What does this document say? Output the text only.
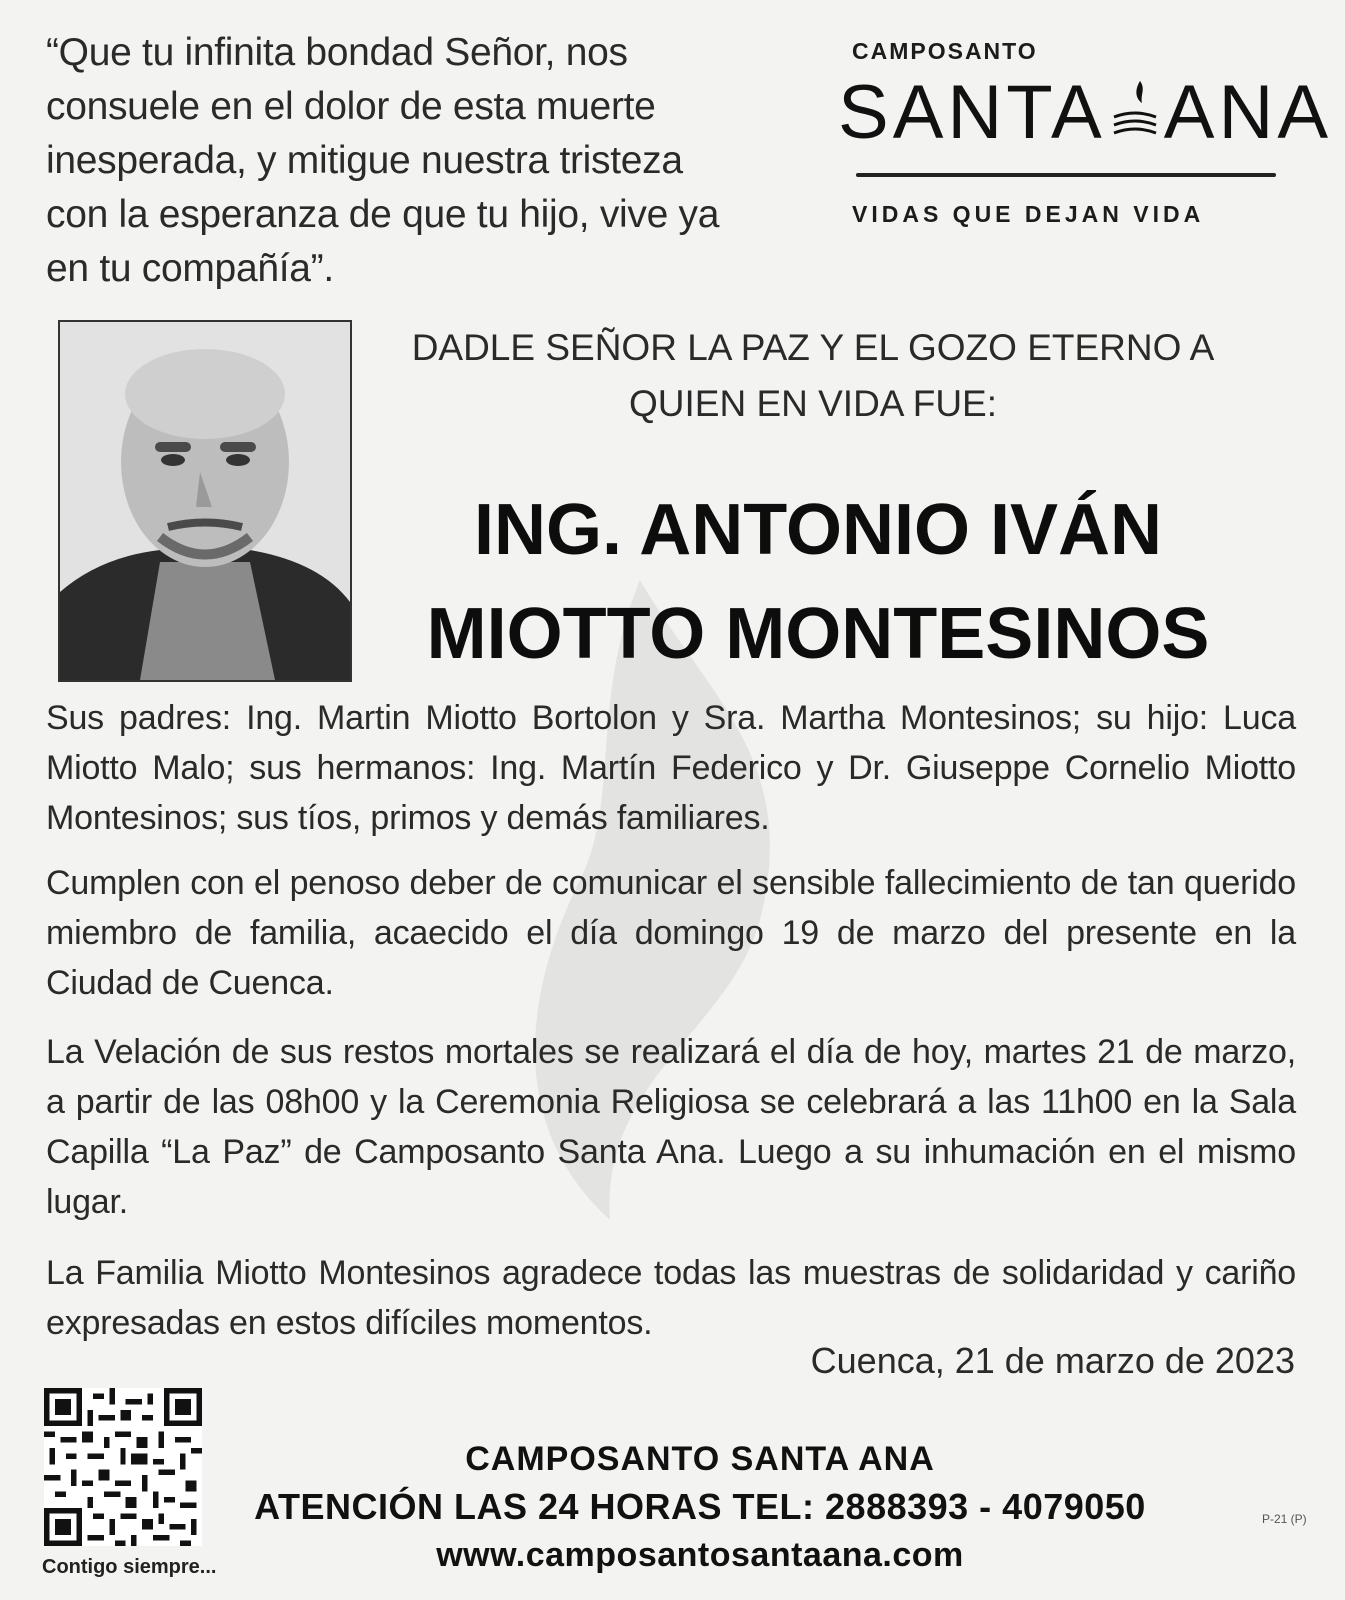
“Que tu infinita bondad Señor, nos consuele en el dolor de esta muerte inesperada, y mitigue nuestra tristeza con la esperanza de que tu hijo, vive ya en tu compañía”.
CAMPOSANTO
SANTA ANA
VIDAS QUE DEJAN VIDA
DADLE SEÑOR LA PAZ Y EL GOZO ETERNO A
QUIEN EN VIDA FUE:
ING. ANTONIO IVÁN
MIOTTO MONTESINOS
Sus padres: Ing. Martin Miotto Bortolon y Sra. Martha Montesinos; su hijo: Luca Miotto Malo; sus hermanos: Ing. Martín Federico y Dr. Giuseppe Cornelio Miotto Montesinos; sus tíos, primos y demás familiares.
Cumplen con el penoso deber de comunicar el sensible fallecimiento de tan querido miembro de familia, acaecido el día domingo 19 de marzo del presente en la Ciudad de Cuenca.
La Velación de sus restos mortales se realizará el día de hoy, martes 21 de marzo, a partir de las 08h00 y la Ceremonia Religiosa se celebrará a las 11h00 en la Sala Capilla “La Paz” de Camposanto Santa Ana. Luego a su inhumación en el mismo lugar.
La Familia Miotto Montesinos agradece todas las muestras de solidaridad y cariño expresadas en estos difíciles momentos.
Cuenca, 21 de marzo de 2023
Contigo siempre...
CAMPOSANTO SANTA ANA
ATENCIÓN LAS 24 HORAS TEL: 2888393 - 4079050
www.camposantosantaana.com
P-21 (P)
